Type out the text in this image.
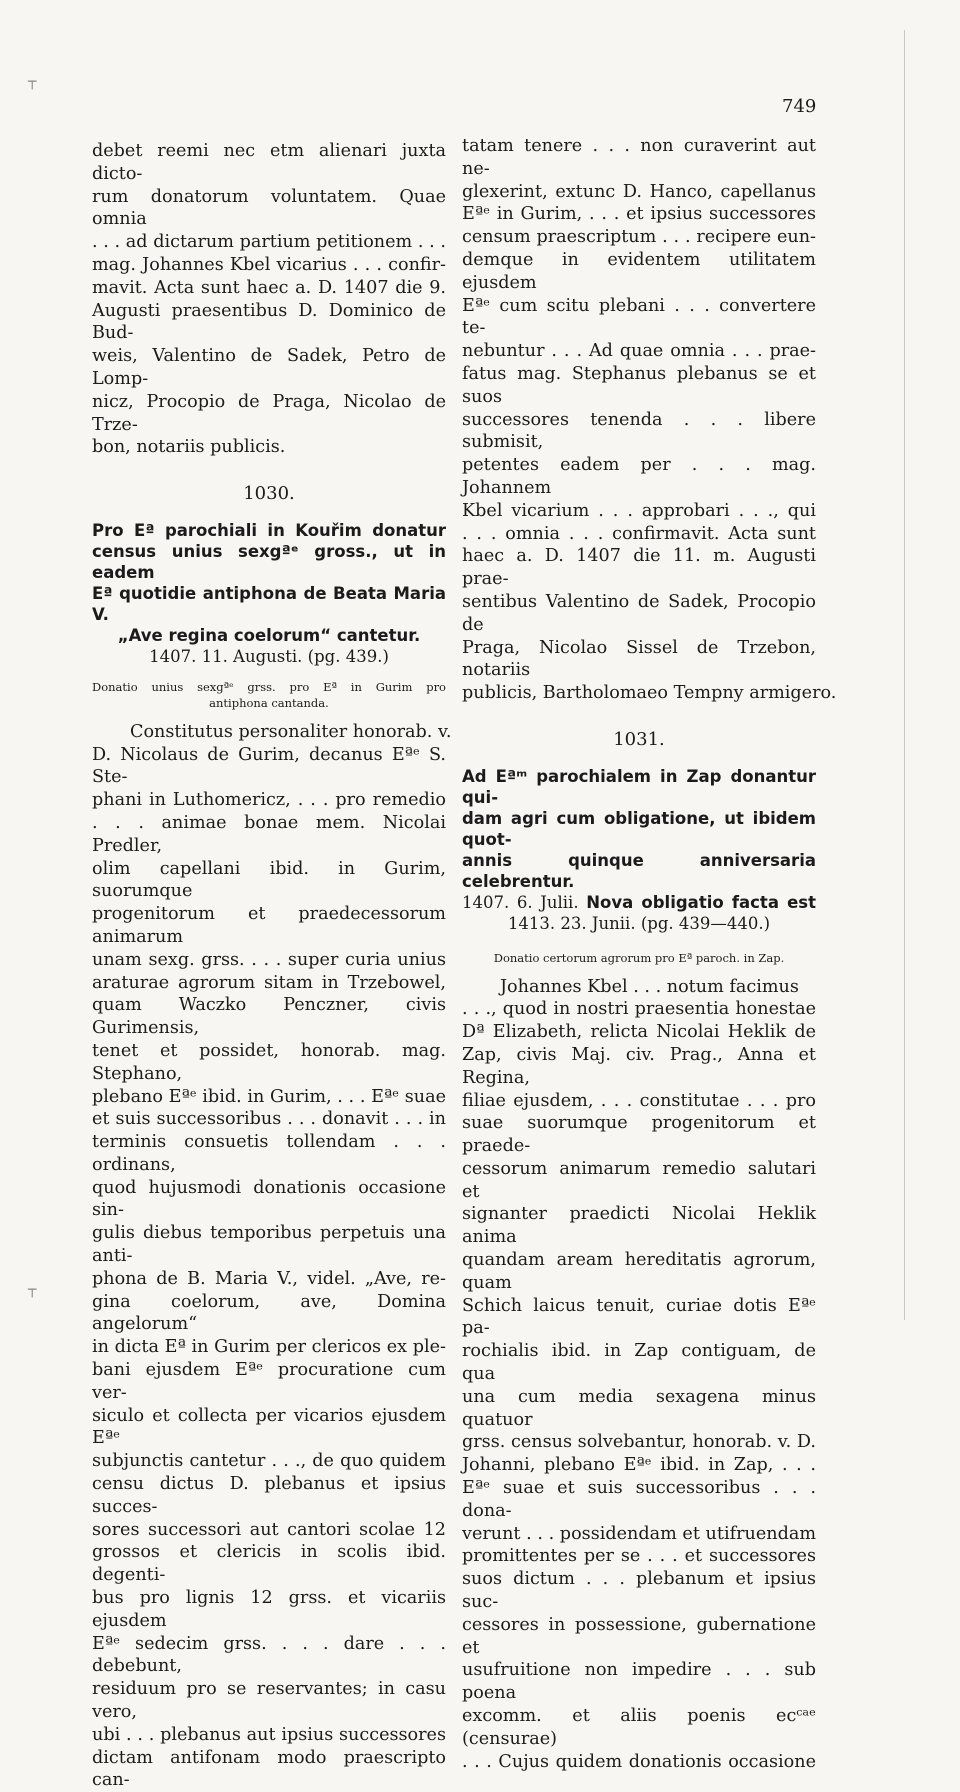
┬
┬
749
debet reemi nec etm alienari juxta dicto-
rum donatorum voluntatem. Quae omnia
. . . ad dictarum partium petitionem . . .
mag. Johannes Kbel vicarius . . . confir-
mavit. Acta sunt haec a. D. 1407 die 9.
Augusti praesentibus D. Dominico de Bud-
weis, Valentino de Sadek, Petro de Lomp-
nicz, Procopio de Praga, Nicolao de Trze-
bon, notariis publicis.
1030.
Pro Eª parochiali in Kouřim donatur
census unius sexgªᵉ gross., ut in eadem
Eª quotidie antiphona de Beata Maria V.
„Ave regina coelorum“ cantetur.
1407. 11. Augusti. (pg. 439.)
Donatio unius sexgªᵉ grss. pro Eª in Gurim pro
antiphona cantanda.
Constitutus personaliter honorab. v.
D. Nicolaus de Gurim, decanus Eªᵉ S. Ste-
phani in Luthomericz, . . . pro remedio
. . . animae bonae mem. Nicolai Predler,
olim capellani ibid. in Gurim, suorumque
progenitorum et praedecessorum animarum
unam sexg. grss. . . . super curia unius
araturae agrorum sitam in Trzebowel,
quam Waczko Penczner, civis Gurimensis,
tenet et possidet, honorab. mag. Stephano,
plebano Eªᵉ ibid. in Gurim, . . . Eªᵉ suae
et suis successoribus . . . donavit . . . in
terminis consuetis tollendam . . . ordinans,
quod hujusmodi donationis occasione sin-
gulis diebus temporibus perpetuis una anti-
phona de B. Maria V., videl. „Ave, re-
gina coelorum, ave, Domina angelorum“
in dicta Eª in Gurim per clericos ex ple-
bani ejusdem Eªᵉ procuratione cum ver-
siculo et collecta per vicarios ejusdem Eªᵉ
subjunctis cantetur . . ., de quo quidem
censu dictus D. plebanus et ipsius succes-
sores successori aut cantori scolae 12
grossos et clericis in scolis ibid. degenti-
bus pro lignis 12 grss. et vicariis ejusdem
Eªᵉ sedecim grss. . . . dare . . . debebunt,
residuum pro se reservantes; in casu vero,
ubi . . . plebanus aut ipsius successores
dictam antifonam modo praescripto can-
tatam tenere . . . non curaverint aut ne-
glexerint, extunc D. Hanco, capellanus
Eªᵉ in Gurim, . . . et ipsius successores
censum praescriptum . . . recipere eun-
demque in evidentem utilitatem ejusdem
Eªᵉ cum scitu plebani . . . convertere te-
nebuntur . . . Ad quae omnia . . . prae-
fatus mag. Stephanus plebanus se et suos
successores tenenda . . . libere submisit,
petentes eadem per . . . mag. Johannem
Kbel vicarium . . . approbari . . ., qui
. . . omnia . . . confirmavit. Acta sunt
haec a. D. 1407 die 11. m. Augusti prae-
sentibus Valentino de Sadek, Procopio de
Praga, Nicolao Sissel de Trzebon, notariis
publicis, Bartholomaeo Tempny armigero.
1031.
Ad Eªᵐ parochialem in Zap donantur qui-
dam agri cum obligatione, ut ibidem quot-
annis quinque anniversaria celebrentur.
1407. 6. Julii. Nova obligatio facta est
1413. 23. Junii. (pg. 439—440.)
Donatio certorum agrorum pro Eª paroch. in Zap.
Johannes Kbel . . . notum facimus
. . ., quod in nostri praesentia honestae
Dª Elizabeth, relicta Nicolai Heklik de
Zap, civis Maj. civ. Prag., Anna et Regina,
filiae ejusdem, . . . constitutae . . . pro
suae suorumque progenitorum et praede-
cessorum animarum remedio salutari et
signanter praedicti Nicolai Heklik anima
quandam aream hereditatis agrorum, quam
Schich laicus tenuit, curiae dotis Eªᵉ pa-
rochialis ibid. in Zap contiguam, de qua
una cum media sexagena minus quatuor
grss. census solvebantur, honorab. v. D.
Johanni, plebano Eªᵉ ibid. in Zap, . . .
Eªᵉ suae et suis successoribus . . . dona-
verunt . . . possidendam et utifruendam
promittentes per se . . . et successores
suos dictum . . . plebanum et ipsius suc-
cessores in possessione, gubernatione et
usufruitione non impedire . . . sub poena
excomm. et aliis poenis ecᶜᵃᵉ (censurae)
. . . Cujus quidem donationis occasione
